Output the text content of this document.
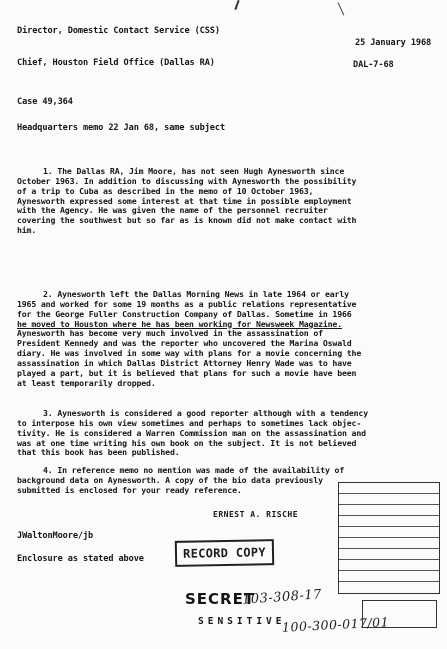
Director, Domestic Contact Service (CSS)
25 January 1968
Chief, Houston Field Office (Dallas RA)	DAL-7-68
Case 49,364
Headquarters memo 22 Jan 68, same subject
1. The Dallas RA, Jim Moore, has not seen Hugh Aynesworth since
October 1963. In addition to discussing with Aynesworth the possibility
of a trip to Cuba as described in the memo of 10 October 1963,
Aynesworth expressed some interest at that time in possible employment
with the Agency. He was given the name of the personnel recruiter
covering the southwest but so far as is known did not make contact with
him.
2. Aynesworth left the Dallas Morning News in late 1964 or early
1965 and worked for some 19 months as a public relations representative
for the George Fuller Construction Company of Dallas. Sometime in 1966
he moved to Houston where he has been working for Newsweek Magazine.
Aynesworth has become very much involved in the assassination of
President Kennedy and was the reporter who uncovered the Marina Oswald
diary. He was involved in some way with plans for a movie concerning the
assassination in which Dallas District Attorney Henry Wade was to have
played a part, but it is believed that plans for such a movie have been
at least temporarily dropped.
3. Aynesworth is considered a good reporter although with a tendency
to interpose his own view sometimes and perhaps to sometimes lack objec-
tivity. He is considered a Warren Commission man on the assassination and
was at one time writing his own book on the subject. It is not believed
that this book has been published.
4. In reference memo no mention was made of the availability of
background data on Aynesworth. A copy of the bio data previously
submitted is enclosed for your ready reference.
ERNEST A. RISCHE
JWaltonMoore/jb
Enclosure as stated above	RECORD COPY
SECRET
103-308-17
SENSITIVE
100-300-017/01
